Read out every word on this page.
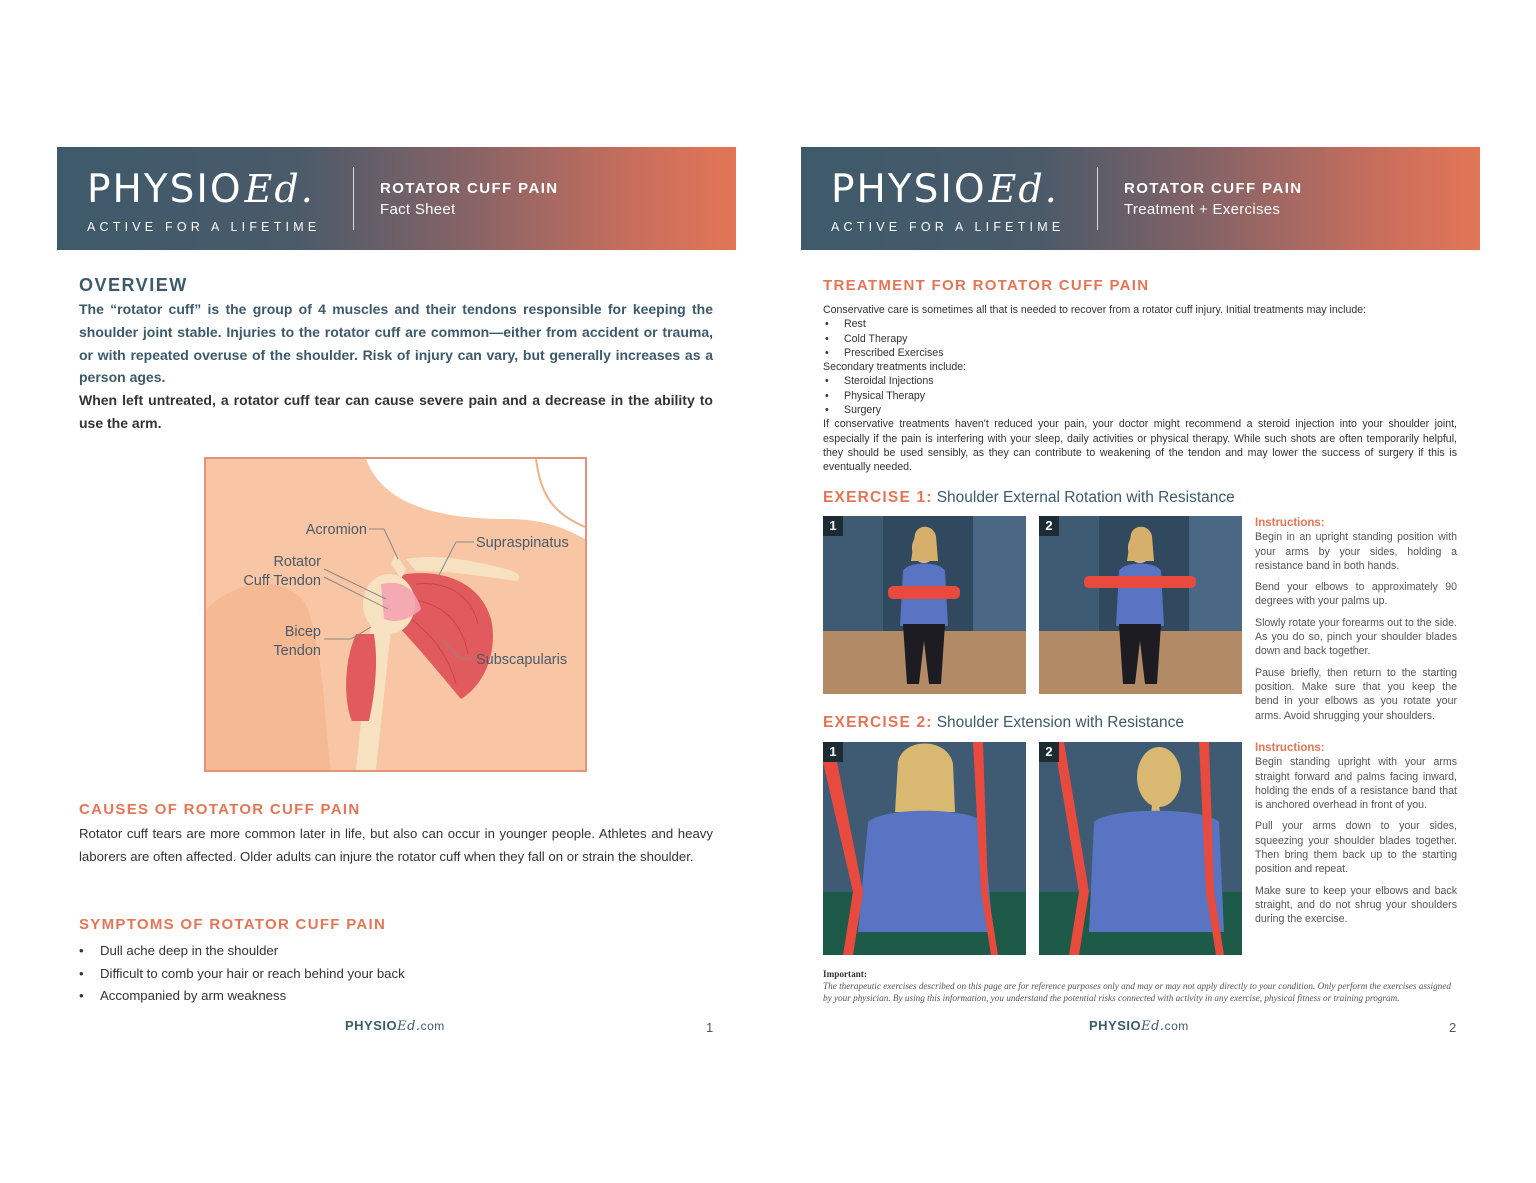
PHYSIOEd.
ACTIVE FOR A LIFETIME
ROTATOR CUFF PAIN
Fact Sheet
OVERVIEW

The “rotator cuff” is the group of 4 muscles and their tendons responsible for keeping the shoulder joint stable. Injuries to the rotator cuff are common—either from accident or trauma, or with repeated overuse of the shoulder. Risk of injury can vary, but generally increases as a person ages.

When left untreated, a rotator cuff tear can cause severe pain and a decrease in the ability to use the arm.

Acromion
Rotator
Cuff Tendon
Bicep
Tendon
Supraspinatus
Subscapularis
CAUSES OF ROTATOR CUFF PAIN
Rotator cuff tears are more common later in life, but also can occur in younger people. Athletes and heavy laborers are often affected. Older adults can injure the rotator cuff when they fall on or strain the shoulder.
SYMPTOMS OF ROTATOR CUFF PAIN
• Dull ache deep in the shoulder
• Difficult to comb your hair or reach behind your back
• Accompanied by arm weakness
PHYSIOEd.com	1
PHYSIOEd.
ACTIVE FOR A LIFETIME
ROTATOR CUFF PAIN
Treatment + Exercises
TREATMENT FOR ROTATOR CUFF PAIN

Conservative care is sometimes all that is needed to recover from a rotator cuff injury. Initial treatments may include:

• Rest
• Cold Therapy
• Prescribed Exercises

Secondary treatments include:

• Steroidal Injections
• Physical Therapy
• Surgery

If conservative treatments haven't reduced your pain, your doctor might recommend a steroid injection into your shoulder joint, especially if the pain is interfering with your sleep, daily activities or physical therapy. While such shots are often temporarily helpful, they should be used sensibly, as they can contribute to weakening of the tendon and may lower the success of surgery if this is eventually needed.

EXERCISE 1: Shoulder External Rotation with Resistance
1	2	Instructions:

Begin in an upright standing position with your arms by your sides, holding a resistance band in both hands.

Bend your elbows to approximately 90 degrees with your palms up.

Slowly rotate your forearms out to the side. As you do so, pinch your shoulder blades down and back together.

Pause briefly, then return to the starting position. Make sure that you keep the bend in your elbows as you rotate your arms. Avoid shrugging your shoulders.

EXERCISE 2: Shoulder Extension with Resistance
1	2	Instructions:

Begin standing upright with your arms straight forward and palms facing inward, holding the ends of a resistance band that is anchored overhead in front of you.

Pull your arms down to your sides, squeezing your shoulder blades together. Then bring them back up to the starting position and repeat.

Make sure to keep your elbows and back straight, and do not shrug your shoulders during the exercise.

Important:
The therapeutic exercises described on this page are for reference purposes only and may or may not apply directly to your condition. Only perform the exercises assigned by your physician. By using this information, you understand the potential risks connected with activity in any exercise, physical fitness or training program.
PHYSIOEd.com	2
